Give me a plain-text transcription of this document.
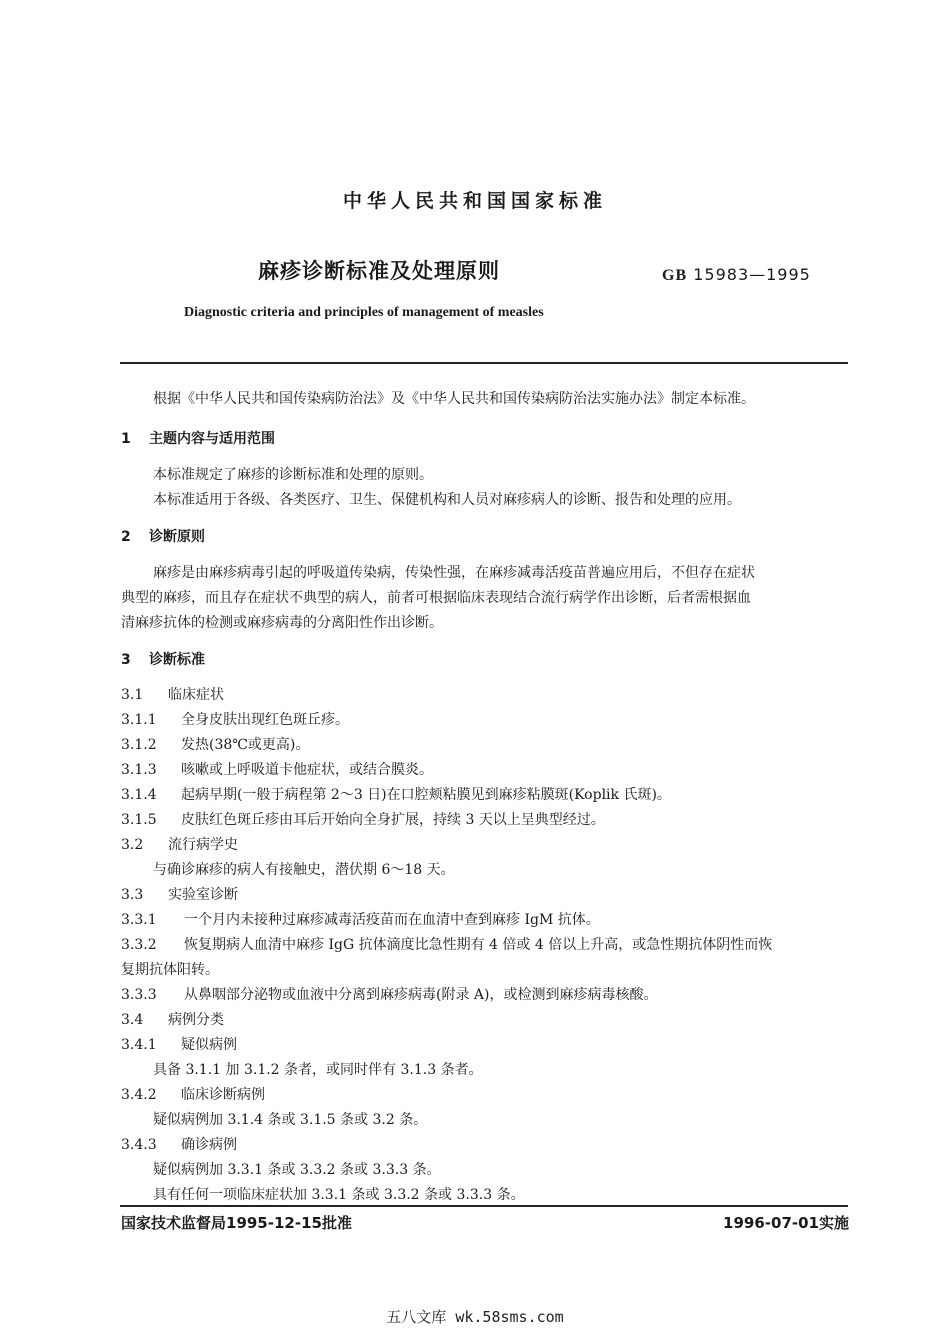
中华人民共和国国家标准
麻疹诊断标准及处理原则	GB 15983—1995
Diagnostic criteria and principles of management of measles
根据《中华人民共和国传染病防治法》及《中华人民共和国传染病防治法实施办法》制定本标准。
1 主题内容与适用范围
本标准规定了麻疹的诊断标准和处理的原则。
本标准适用于各级、各类医疗、卫生、保健机构和人员对麻疹病人的诊断、报告和处理的应用。
2 诊断原则
麻疹是由麻疹病毒引起的呼吸道传染病，传染性强，在麻疹减毒活疫苗普遍应用后，不但存在症状
典型的麻疹，而且存在症状不典型的病人，前者可根据临床表现结合流行病学作出诊断，后者需根据血
清麻疹抗体的检测或麻疹病毒的分离阳性作出诊断。
3 诊断标准
3.1 临床症状
3.1.1 全身皮肤出现红色斑丘疹。
3.1.2 发热(38℃或更高)。
3.1.3 咳嗽或上呼吸道卡他症状，或结合膜炎。
3.1.4 起病早期(一般于病程第 2～3 日)在口腔颊粘膜见到麻疹粘膜斑(Koplik 氏斑)。
3.1.5 皮肤红色斑丘疹由耳后开始向全身扩展，持续 3 天以上呈典型经过。
3.2 流行病学史
与确诊麻疹的病人有接触史，潜伏期 6～18 天。
3.3 实验室诊断
3.3.1 一个月内未接种过麻疹减毒活疫苗而在血清中查到麻疹 IgM 抗体。
3.3.2 恢复期病人血清中麻疹 IgG 抗体滴度比急性期有 4 倍或 4 倍以上升高，或急性期抗体阴性而恢
复期抗体阳转。
3.3.3 从鼻咽部分泌物或血液中分离到麻疹病毒(附录 A)，或检测到麻疹病毒核酸。
3.4 病例分类
3.4.1 疑似病例
具备 3.1.1 加 3.1.2 条者，或同时伴有 3.1.3 条者。
3.4.2 临床诊断病例
疑似病例加 3.1.4 条或 3.1.5 条或 3.2 条。
3.4.3 确诊病例
疑似病例加 3.3.1 条或 3.3.2 条或 3.3.3 条。
具有任何一项临床症状加 3.3.1 条或 3.3.2 条或 3.3.3 条。
国家技术监督局1995-12-15批准	1996-07-01实施
五八文库 wk.58sms.com
